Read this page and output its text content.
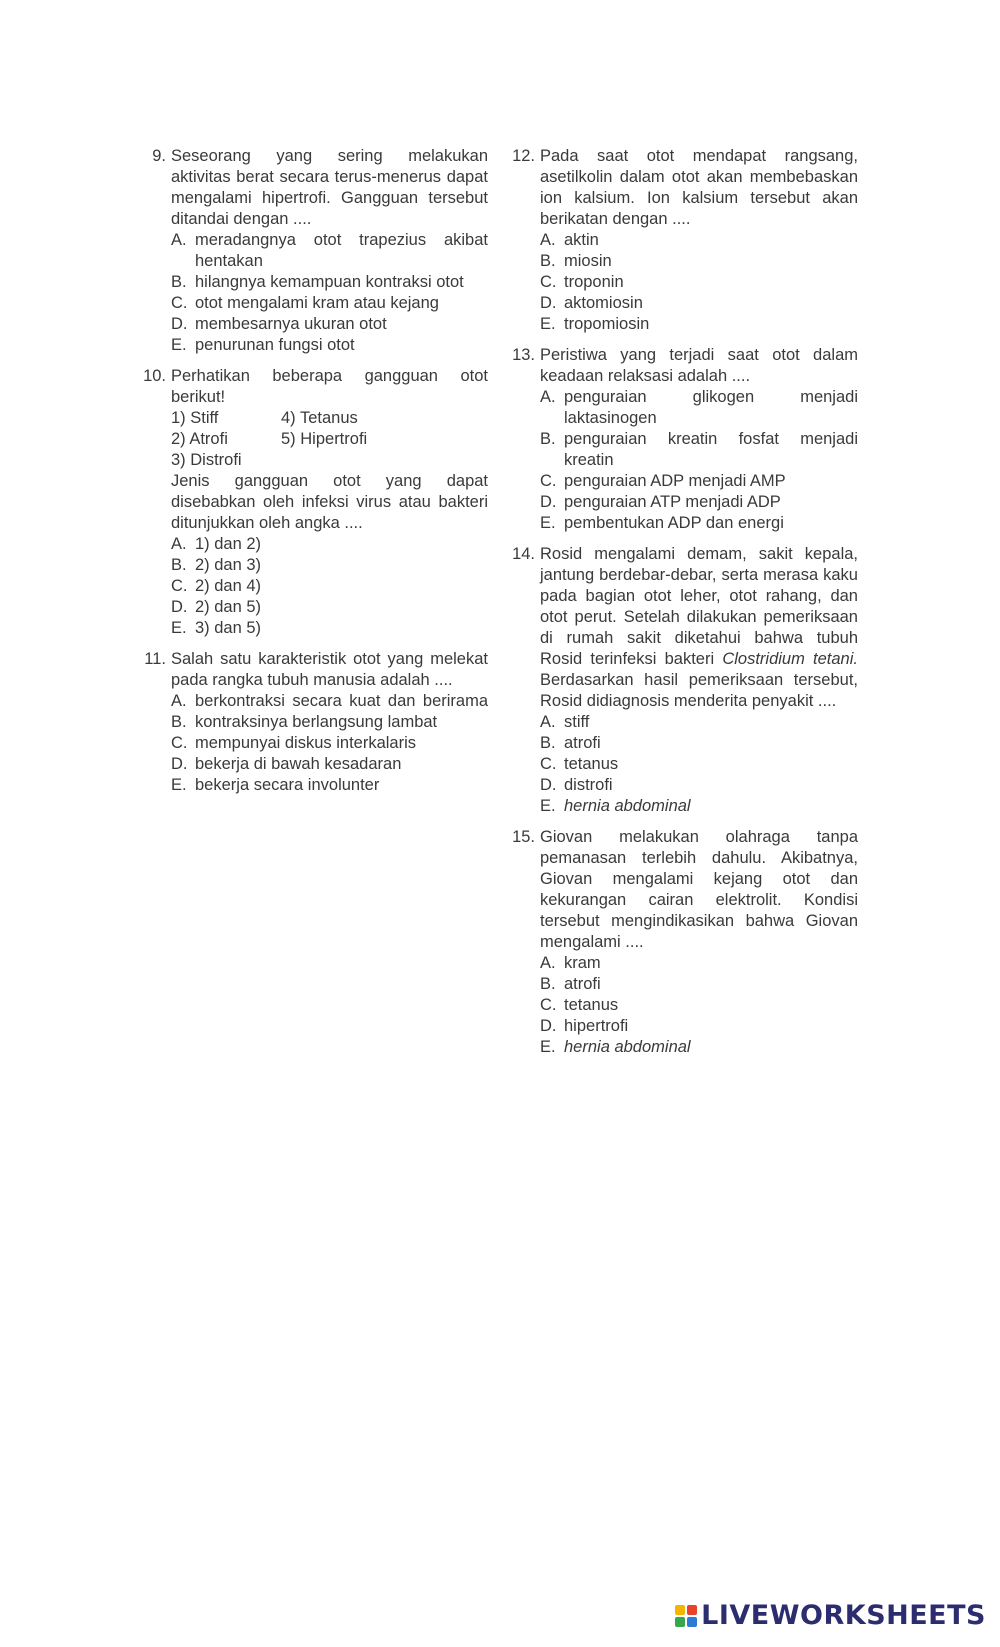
9. Seseorang yang sering melakukan aktivitas berat secara terus-menerus dapat mengalami hipertrofi. Gangguan tersebut ditandai dengan ....
A. meradangnya otot trapezius akibat hentakan
B. hilangnya kemampuan kontraksi otot
C. otot mengalami kram atau kejang
D. membesarnya ukuran otot
E. penurunan fungsi otot
10. Perhatikan beberapa gangguan otot berikut!
1) Stiff	4) Tetanus
2) Atrofi	5) Hipertrofi
3) Distrofi
Jenis gangguan otot yang dapat disebabkan oleh infeksi virus atau bakteri ditunjukkan oleh angka ....
A. 1) dan 2)
B. 2) dan 3)
C. 2) dan 4)
D. 2) dan 5)
E. 3) dan 5)
11. Salah satu karakteristik otot yang melekat pada rangka tubuh manusia adalah ....
A. berkontraksi secara kuat dan berirama
B. kontraksinya berlangsung lambat
C. mempunyai diskus interkalaris
D. bekerja di bawah kesadaran
E. bekerja secara involunter
12. Pada saat otot mendapat rangsang, asetilkolin dalam otot akan membebaskan ion kalsium. Ion kalsium tersebut akan berikatan dengan ....
A. aktin
B. miosin
C. troponin
D. aktomiosin
E. tropomiosin
13. Peristiwa yang terjadi saat otot dalam keadaan relaksasi adalah ....
A. penguraian glikogen menjadi laktasinogen
B. penguraian kreatin fosfat menjadi kreatin
C. penguraian ADP menjadi AMP
D. penguraian ATP menjadi ADP
E. pembentukan ADP dan energi
14. Rosid mengalami demam, sakit kepala, jantung berdebar-debar, serta merasa kaku pada bagian otot leher, otot rahang, dan otot perut. Setelah dilakukan pemeriksaan di rumah sakit diketahui bahwa tubuh Rosid terinfeksi bakteri Clostridium tetani. Berdasarkan hasil pemeriksaan tersebut, Rosid didiagnosis menderita penyakit ....
A. stiff
B. atrofi
C. tetanus
D. distrofi
E. hernia abdominal
15. Giovan melakukan olahraga tanpa pemanasan terlebih dahulu. Akibatnya, Giovan mengalami kejang otot dan kekurangan cairan elektrolit. Kondisi tersebut mengindikasikan bahwa Giovan mengalami ....
A. kram
B. atrofi
C. tetanus
D. hipertrofi
E. hernia abdominal
LIVEWORKSHEETS
